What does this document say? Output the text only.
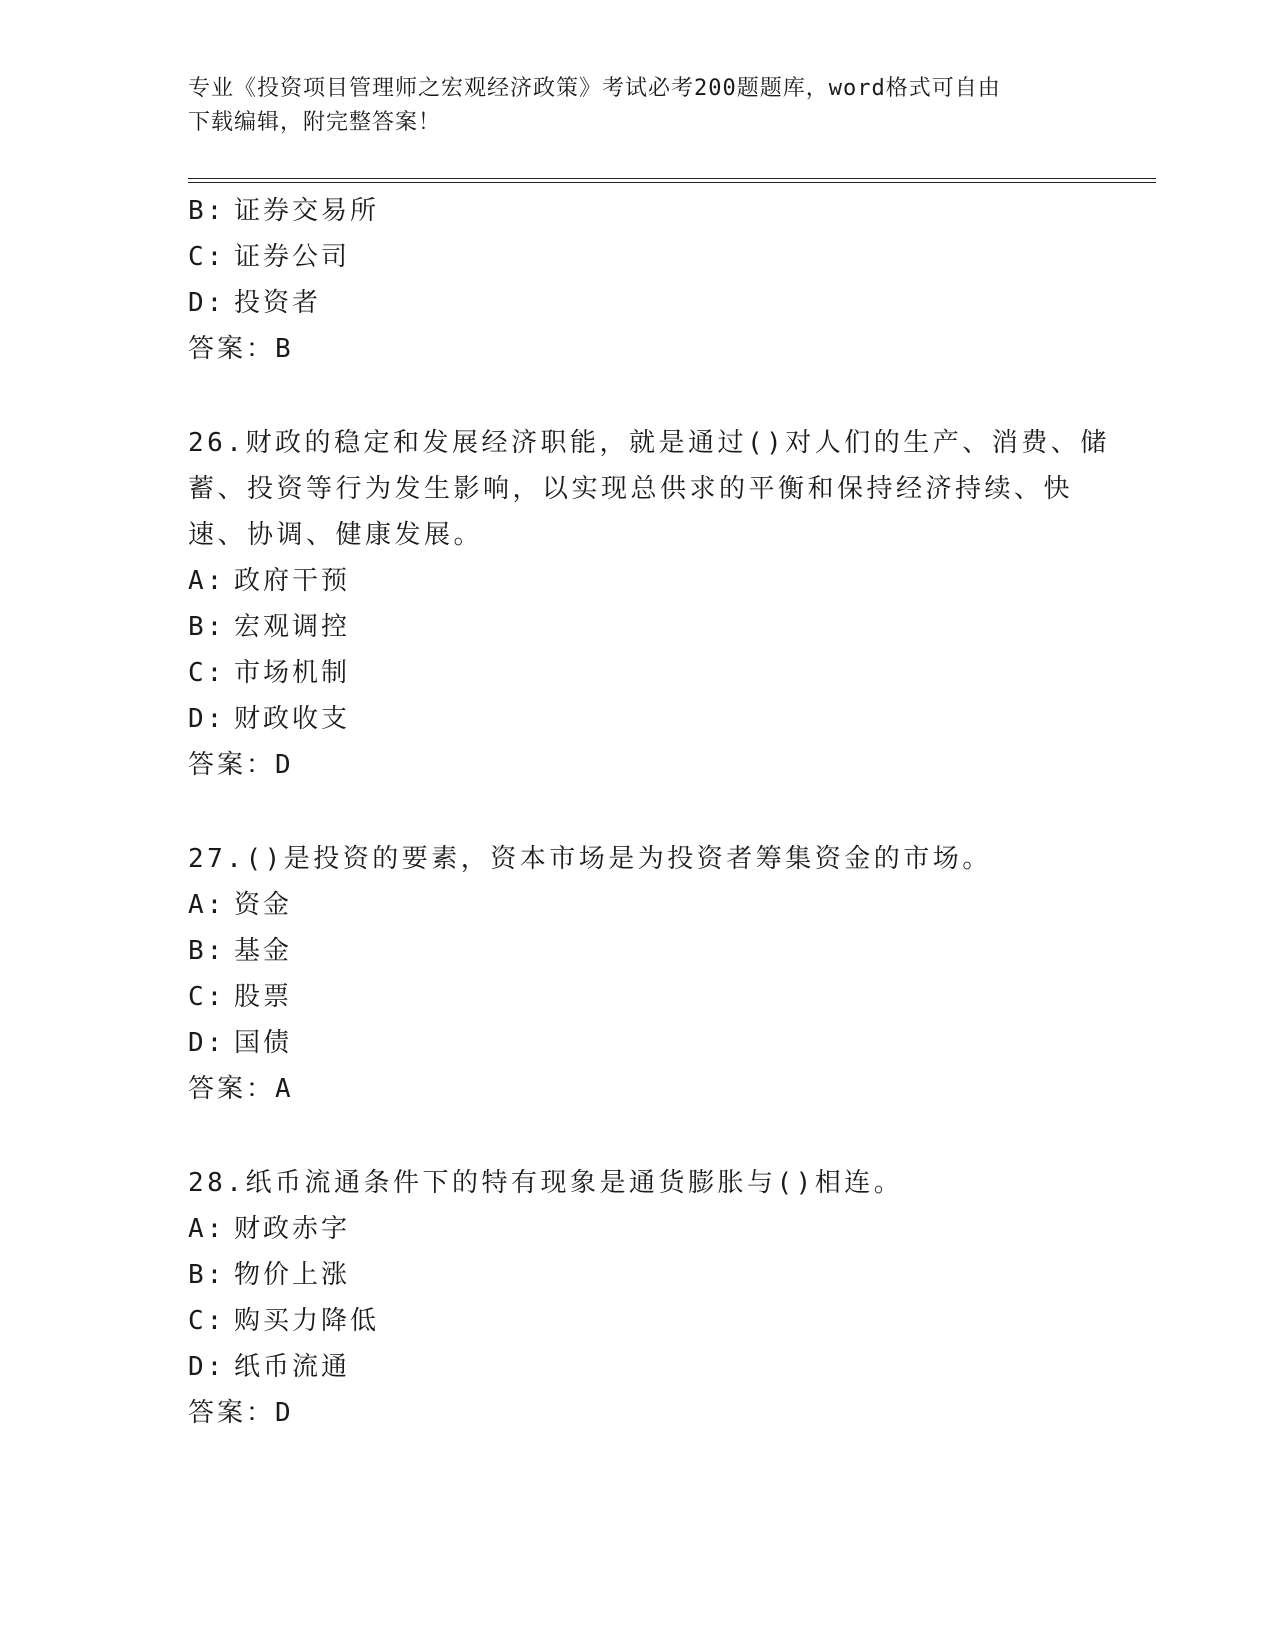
专业《投资项目管理师之宏观经济政策》考试必考200题题库，word格式可自由
下载编辑，附完整答案！

B: 证券交易所

C: 证券公司

D: 投资者

答案：B

26.财政的稳定和发展经济职能，就是通过()对人们的生产、消费、储

蓄、投资等行为发生影响，以实现总供求的平衡和保持经济持续、快

速、协调、健康发展。

A: 政府干预

B: 宏观调控

C: 市场机制

D: 财政收支

答案：D

27.()是投资的要素，资本市场是为投资者筹集资金的市场。

A: 资金

B: 基金

C: 股票

D: 国债

答案：A

28.纸币流通条件下的特有现象是通货膨胀与()相连。

A: 财政赤字

B: 物价上涨

C: 购买力降低

D: 纸币流通

答案：D
